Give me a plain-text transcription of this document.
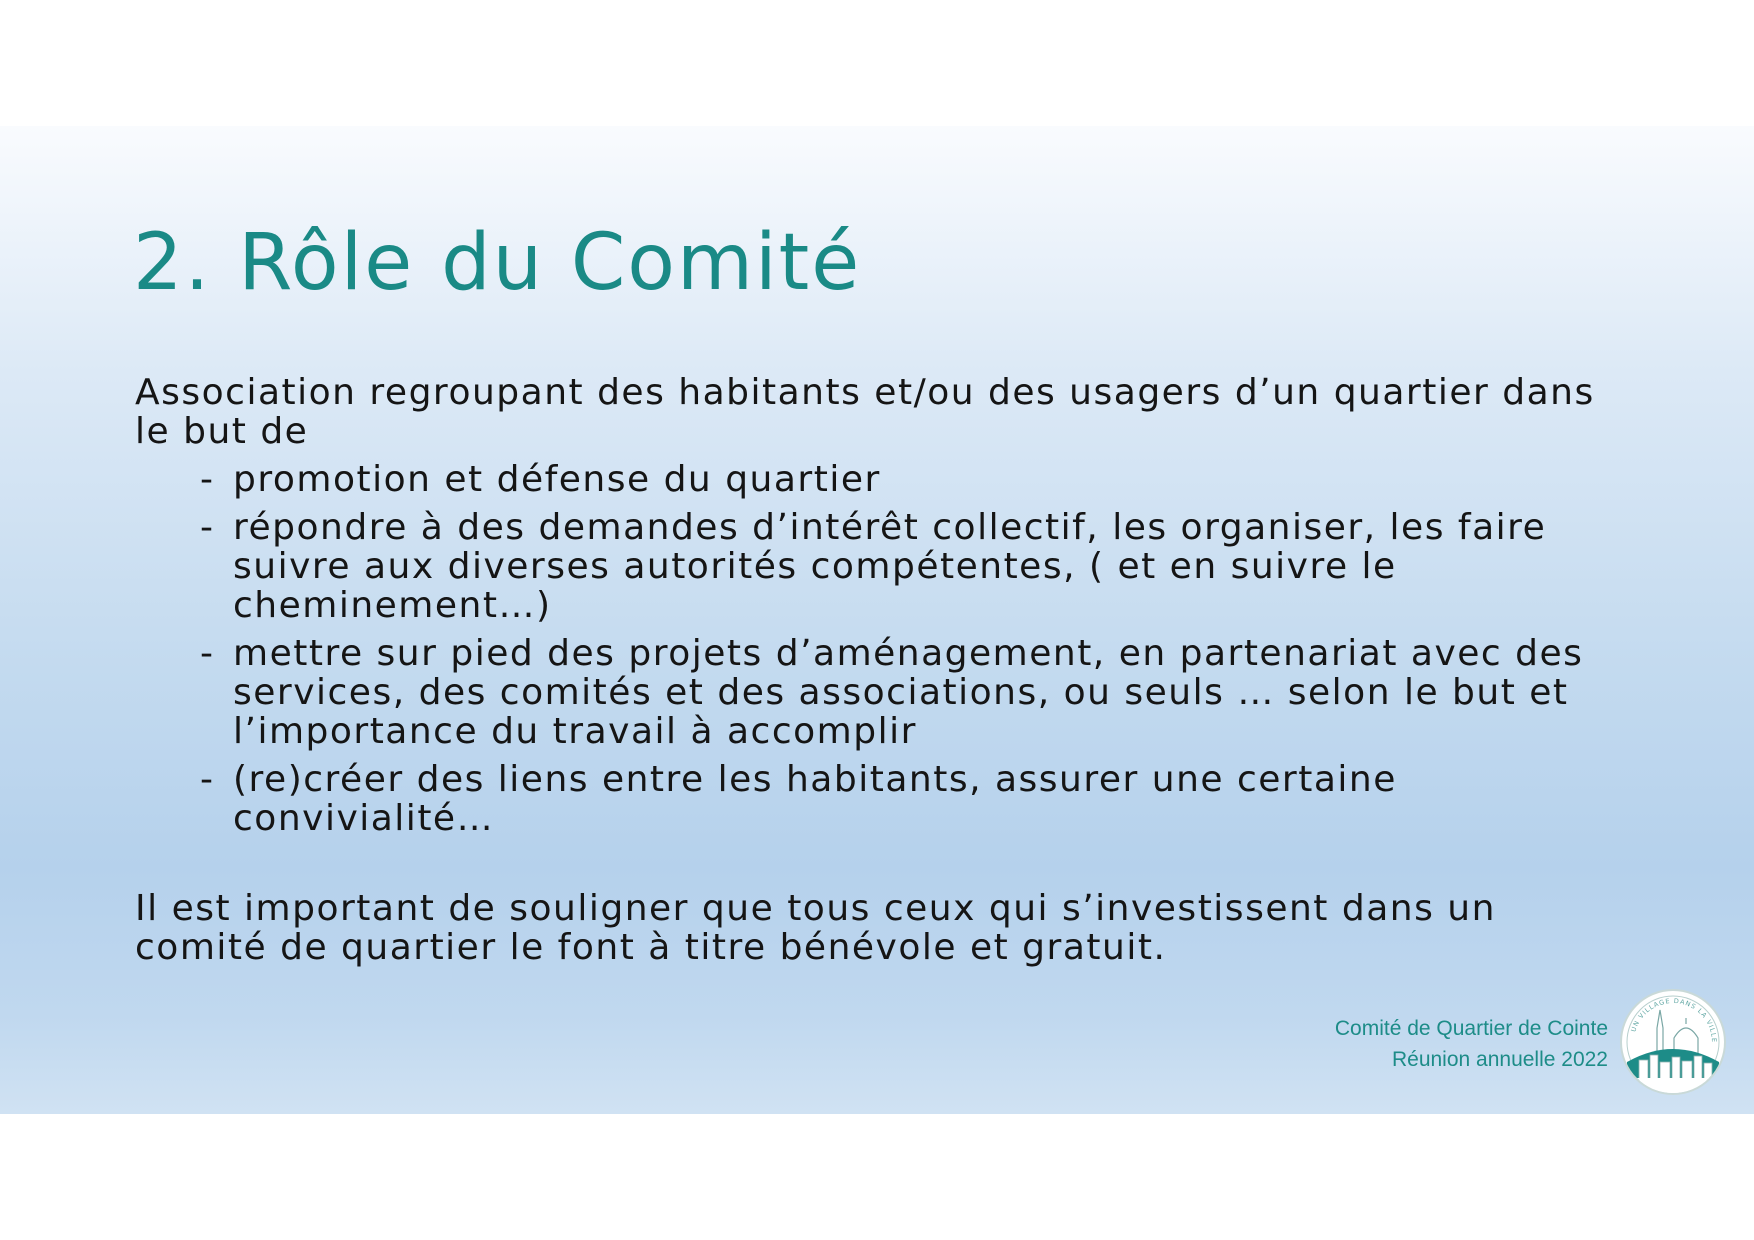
2. Rôle du Comité

Association regroupant des habitants et/ou des usagers d’un quartier dans le but de

- promotion et défense du quartier
- répondre à des demandes d’intérêt collectif, les organiser, les faire suivre aux diverses autorités compétentes, ( et en suivre le cheminement…)
- mettre sur pied des projets d’aménagement, en partenariat avec des services, des comités et des associations, ou seuls … selon le but et l’importance du travail à accomplir
- (re)créer des liens entre les habitants, assurer une certaine convivialité…

Il est important de souligner que tous ceux qui s’investissent dans un comité de quartier le font à titre bénévole et gratuit.

Comité de Quartier de Cointe
Réunion annuelle 2022
UN VILLAGE DANS LA VILLE
